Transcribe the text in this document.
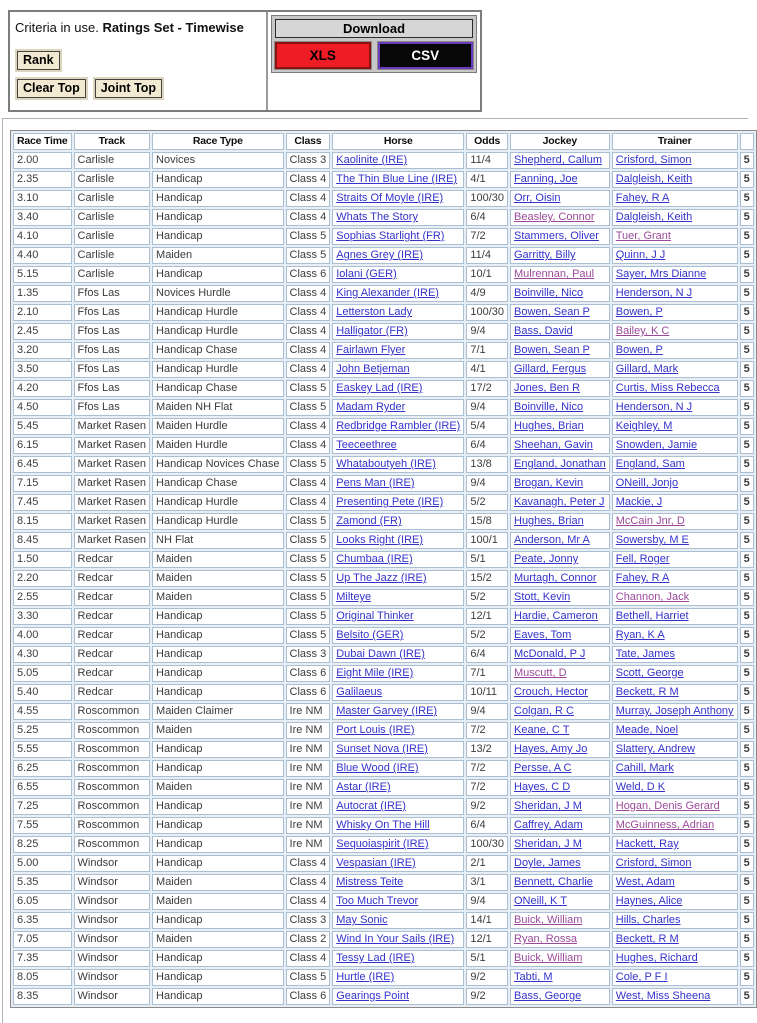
Criteria in use. Ratings Set - Timewise
Rank
Clear Top Joint Top
Download
XLS	CSV
Race Time	Track	Race Type	Class	Horse	Odds	Jockey	Trainer	
2.00	Carlisle	Novices	Class 3	Kaolinite (IRE)	11/4	Shepherd, Callum	Crisford, Simon	5
2.35	Carlisle	Handicap	Class 4	The Thin Blue Line (IRE)	4/1	Fanning, Joe	Dalgleish, Keith	5
3.10	Carlisle	Handicap	Class 4	Straits Of Moyle (IRE)	100/30	Orr, Oisin	Fahey, R A	5
3.40	Carlisle	Handicap	Class 4	Whats The Story	6/4	Beasley, Connor	Dalgleish, Keith	5
4.10	Carlisle	Handicap	Class 5	Sophias Starlight (FR)	7/2	Stammers, Oliver	Tuer, Grant	5
4.40	Carlisle	Maiden	Class 5	Agnes Grey (IRE)	11/4	Garritty, Billy	Quinn, J J	5
5.15	Carlisle	Handicap	Class 6	Iolani (GER)	10/1	Mulrennan, Paul	Sayer, Mrs Dianne	5
1.35	Ffos Las	Novices Hurdle	Class 4	King Alexander (IRE)	4/9	Boinville, Nico	Henderson, N J	5
2.10	Ffos Las	Handicap Hurdle	Class 4	Letterston Lady	100/30	Bowen, Sean P	Bowen, P	5
2.45	Ffos Las	Handicap Hurdle	Class 4	Halligator (FR)	9/4	Bass, David	Bailey, K C	5
3.20	Ffos Las	Handicap Chase	Class 4	Fairlawn Flyer	7/1	Bowen, Sean P	Bowen, P	5
3.50	Ffos Las	Handicap Hurdle	Class 4	John Betjeman	4/1	Gillard, Fergus	Gillard, Mark	5
4.20	Ffos Las	Handicap Chase	Class 5	Easkey Lad (IRE)	17/2	Jones, Ben R	Curtis, Miss Rebecca	5
4.50	Ffos Las	Maiden NH Flat	Class 5	Madam Ryder	9/4	Boinville, Nico	Henderson, N J	5
5.45	Market Rasen	Maiden Hurdle	Class 4	Redbridge Rambler (IRE)	5/4	Hughes, Brian	Keighley, M	5
6.15	Market Rasen	Maiden Hurdle	Class 4	Teeceethree	6/4	Sheehan, Gavin	Snowden, Jamie	5
6.45	Market Rasen	Handicap Novices Chase	Class 5	Whataboutyeh (IRE)	13/8	England, Jonathan	England, Sam	5
7.15	Market Rasen	Handicap Chase	Class 4	Pens Man (IRE)	9/4	Brogan, Kevin	ONeill, Jonjo	5
7.45	Market Rasen	Handicap Hurdle	Class 4	Presenting Pete (IRE)	5/2	Kavanagh, Peter J	Mackie, J	5
8.15	Market Rasen	Handicap Hurdle	Class 5	Zamond (FR)	15/8	Hughes, Brian	McCain Jnr, D	5
8.45	Market Rasen	NH Flat	Class 5	Looks Right (IRE)	100/1	Anderson, Mr A	Sowersby, M E	5
1.50	Redcar	Maiden	Class 5	Chumbaa (IRE)	5/1	Peate, Jonny	Fell, Roger	5
2.20	Redcar	Maiden	Class 5	Up The Jazz (IRE)	15/2	Murtagh, Connor	Fahey, R A	5
2.55	Redcar	Maiden	Class 5	Milteye	5/2	Stott, Kevin	Channon, Jack	5
3.30	Redcar	Handicap	Class 5	Original Thinker	12/1	Hardie, Cameron	Bethell, Harriet	5
4.00	Redcar	Handicap	Class 5	Belsito (GER)	5/2	Eaves, Tom	Ryan, K A	5
4.30	Redcar	Handicap	Class 3	Dubai Dawn (IRE)	6/4	McDonald, P J	Tate, James	5
5.05	Redcar	Handicap	Class 6	Eight Mile (IRE)	7/1	Muscutt, D	Scott, George	5
5.40	Redcar	Handicap	Class 6	Galilaeus	10/11	Crouch, Hector	Beckett, R M	5
4.55	Roscommon	Maiden Claimer	Ire NM	Master Garvey (IRE)	9/4	Colgan, R C	Murray, Joseph Anthony	5
5.25	Roscommon	Maiden	Ire NM	Port Louis (IRE)	7/2	Keane, C T	Meade, Noel	5
5.55	Roscommon	Handicap	Ire NM	Sunset Nova (IRE)	13/2	Hayes, Amy Jo	Slattery, Andrew	5
6.25	Roscommon	Handicap	Ire NM	Blue Wood (IRE)	7/2	Persse, A C	Cahill, Mark	5
6.55	Roscommon	Maiden	Ire NM	Astar (IRE)	7/2	Hayes, C D	Weld, D K	5
7.25	Roscommon	Handicap	Ire NM	Autocrat (IRE)	9/2	Sheridan, J M	Hogan, Denis Gerard	5
7.55	Roscommon	Handicap	Ire NM	Whisky On The Hill	6/4	Caffrey, Adam	McGuinness, Adrian	5
8.25	Roscommon	Handicap	Ire NM	Sequoiaspirit (IRE)	100/30	Sheridan, J M	Hackett, Ray	5
5.00	Windsor	Handicap	Class 4	Vespasian (IRE)	2/1	Doyle, James	Crisford, Simon	5
5.35	Windsor	Maiden	Class 4	Mistress Teite	3/1	Bennett, Charlie	West, Adam	5
6.05	Windsor	Maiden	Class 4	Too Much Trevor	9/4	ONeill, K T	Haynes, Alice	5
6.35	Windsor	Handicap	Class 3	May Sonic	14/1	Buick, William	Hills, Charles	5
7.05	Windsor	Maiden	Class 2	Wind In Your Sails (IRE)	12/1	Ryan, Rossa	Beckett, R M	5
7.35	Windsor	Handicap	Class 4	Tessy Lad (IRE)	5/1	Buick, William	Hughes, Richard	5
8.05	Windsor	Handicap	Class 5	Hurtle (IRE)	9/2	Tabti, M	Cole, P F I	5
8.35	Windsor	Handicap	Class 6	Gearings Point	9/2	Bass, George	West, Miss Sheena	5
